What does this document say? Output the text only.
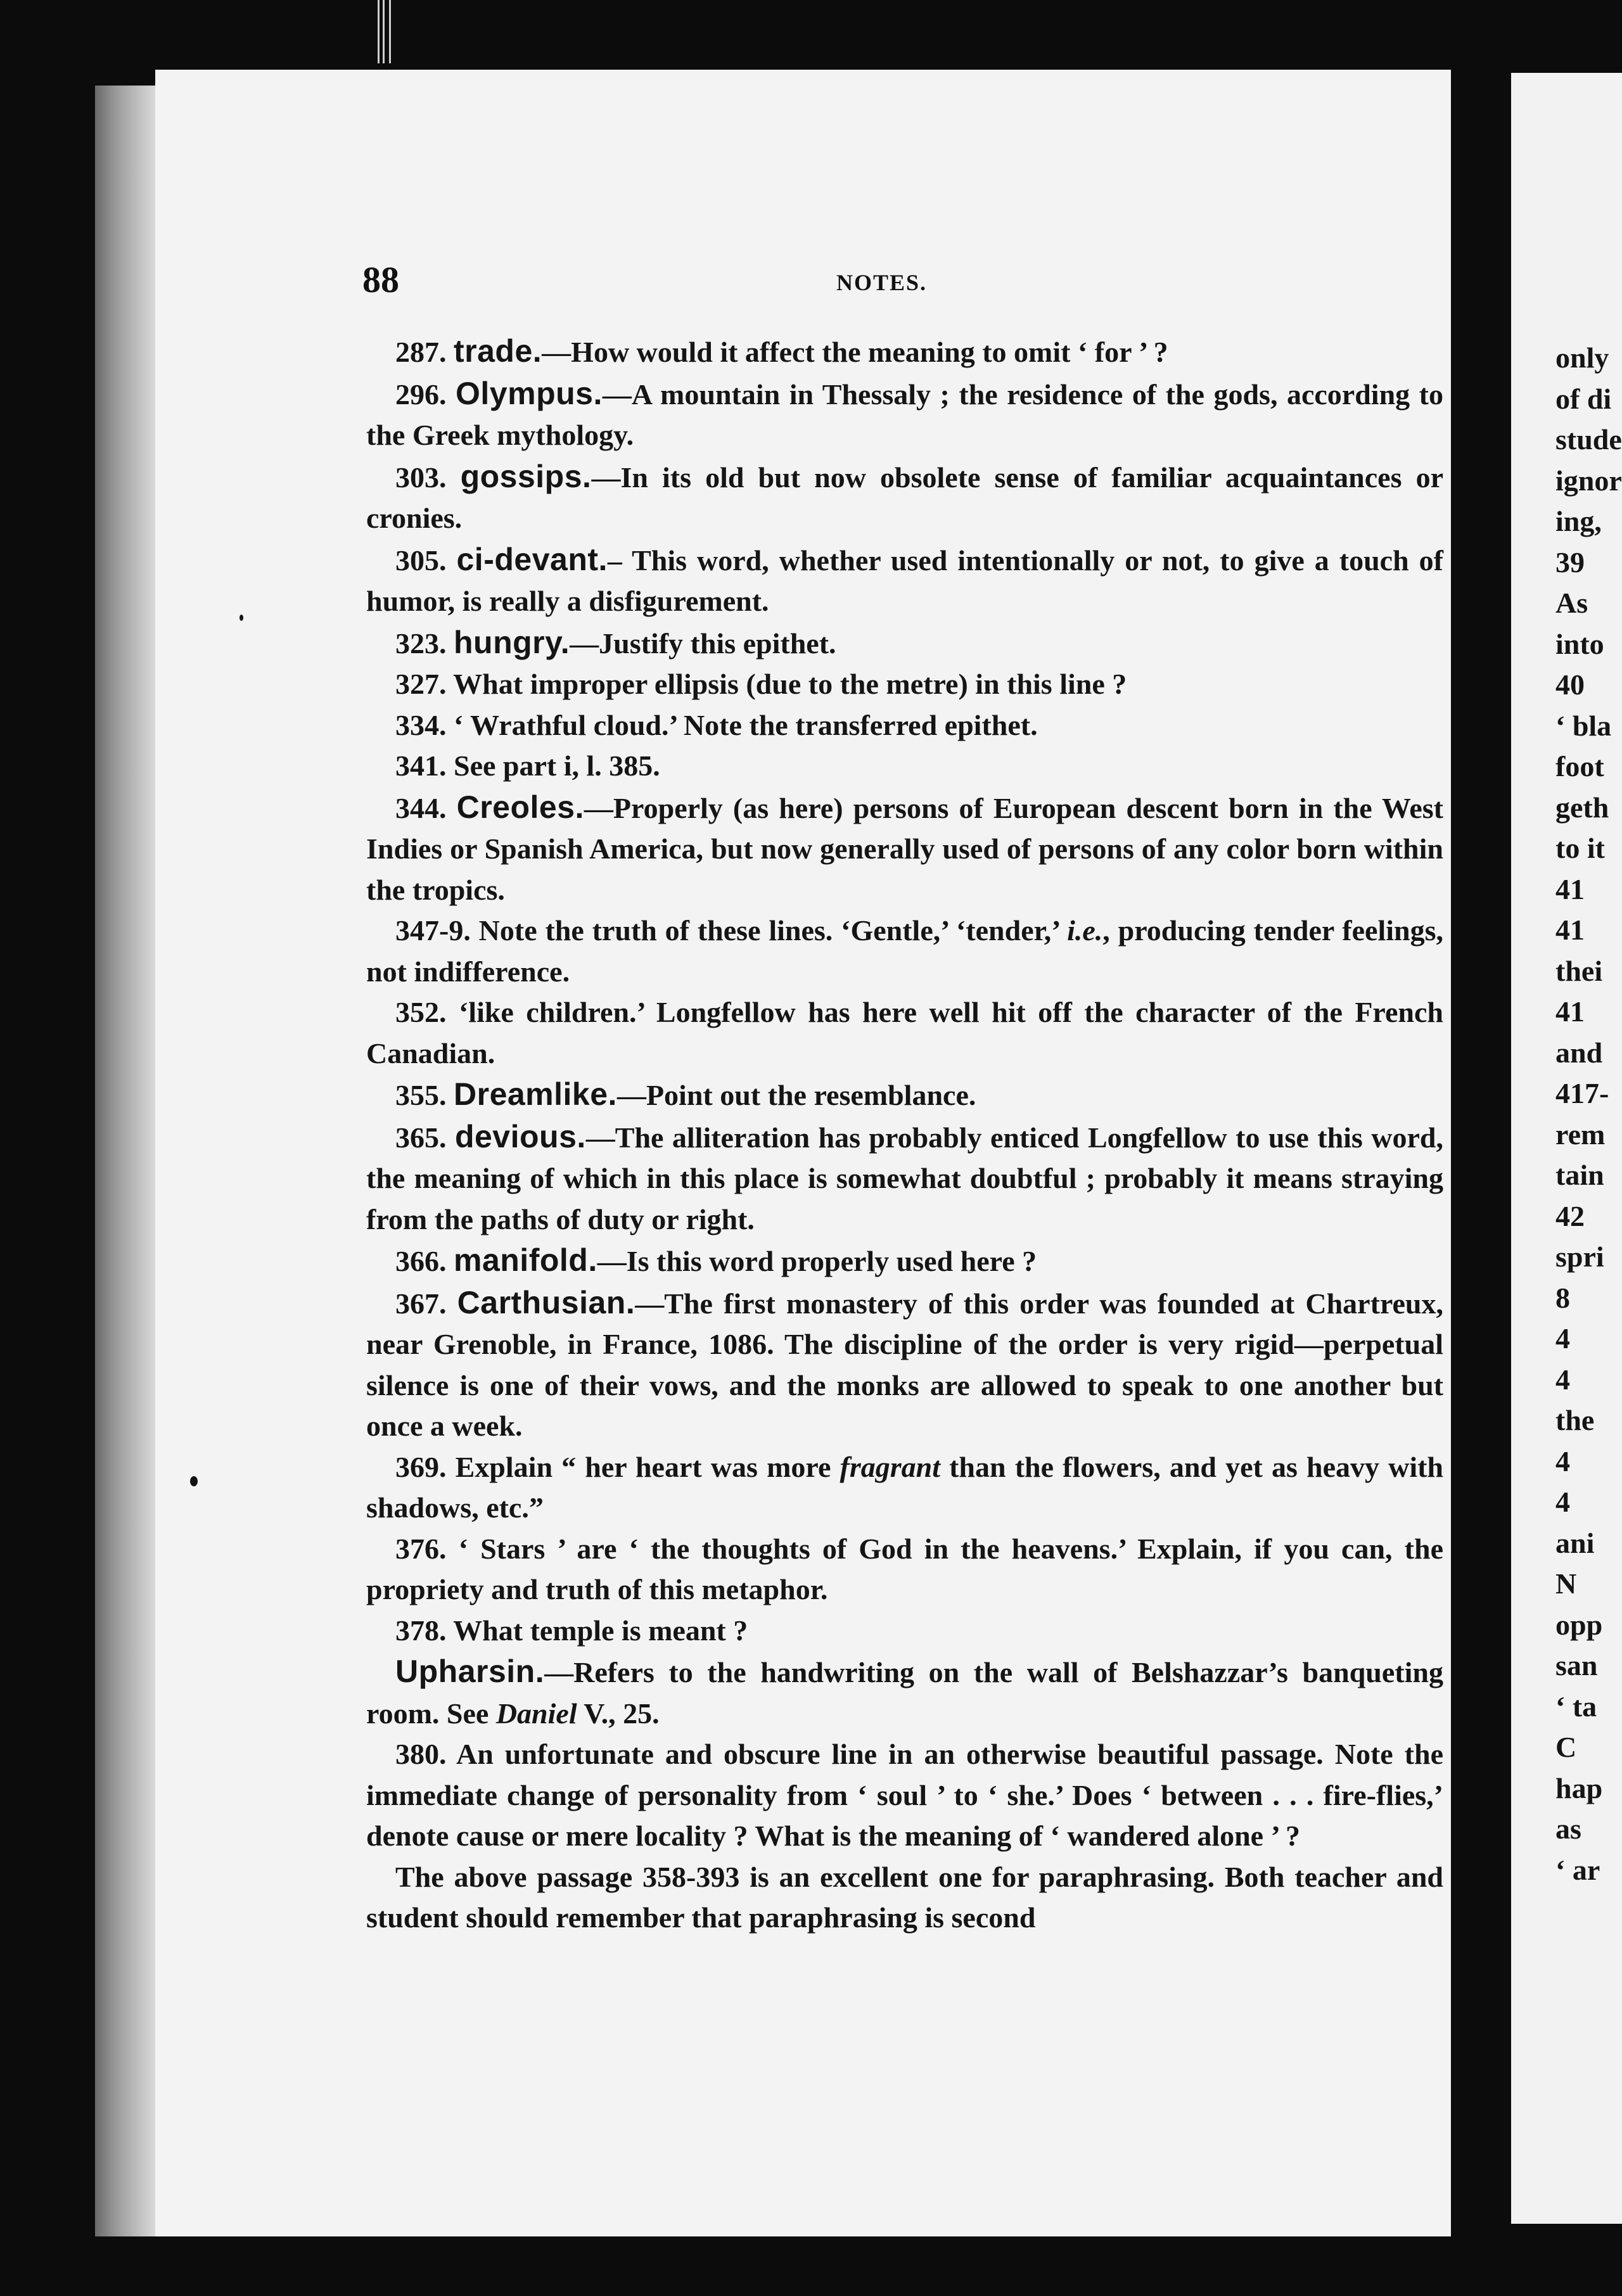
88	NOTES.

287. trade.—How would it affect the meaning to omit ‘ for ’ ?

296. Olympus.—A mountain in Thessaly ; the residence of the gods, according to the Greek mythology.

303. gossips.—In its old but now obsolete sense of familiar acquaintances or cronies.

305. ci-devant.– This word, whether used intentionally or not, to give a touch of humor, is really a disfigurement.

323. hungry.—Justify this epithet.

327. What improper ellipsis (due to the metre) in this line ?

334. ‘ Wrathful cloud.’ Note the transferred epithet.

341. See part i, l. 385.

344. Creoles.—Properly (as here) persons of European descent born in the West Indies or Spanish America, but now generally used of persons of any color born within the tropics.

347-9. Note the truth of these lines. ‘Gentle,’ ‘tender,’ i.e., producing tender feelings, not indifference.

352. ‘like children.’ Longfellow has here well hit off the character of the French Canadian.

355. Dreamlike.—Point out the resemblance.

365. devious.—The alliteration has probably enticed Longfellow to use this word, the meaning of which in this place is somewhat doubtful ; probably it means straying from the paths of duty or right.

366. manifold.—Is this word properly used here ?

367. Carthusian.—The first monastery of this order was founded at Chartreux, near Grenoble, in France, 1086. The discipline of the order is very rigid—perpetual silence is one of their vows, and the monks are allowed to speak to one another but once a week.

369. Explain “ her heart was more fragrant than the flowers, and yet as heavy with shadows, etc.”

376. ‘ Stars ’ are ‘ the thoughts of God in the heavens.’ Explain, if you can, the propriety and truth of this metaphor.

378. What temple is meant ?

Upharsin.—Refers to the handwriting on the wall of Belshazzar’s banqueting room. See Daniel V., 25.

380. An unfortunate and obscure line in an otherwise beautiful passage. Note the immediate change of personality from ‘ soul ’ to ‘ she.’ Does ‘ between . . . fire-flies,’ denote cause or mere locality ? What is the meaning of ‘ wandered alone ’ ?

The above passage 358-393 is an excellent one for paraphrasing. Both teacher and student should remember that paraphrasing is second

only
of di
stude
ignor
ing,
39
As
into
40
‘ bla
foot
geth
to it
41
41
thei
41
and
417-
rem
tain
42
spri
8
4
4
the
4
4
ani
N
opp
san
‘ ta
C
hap
as
‘ ar
